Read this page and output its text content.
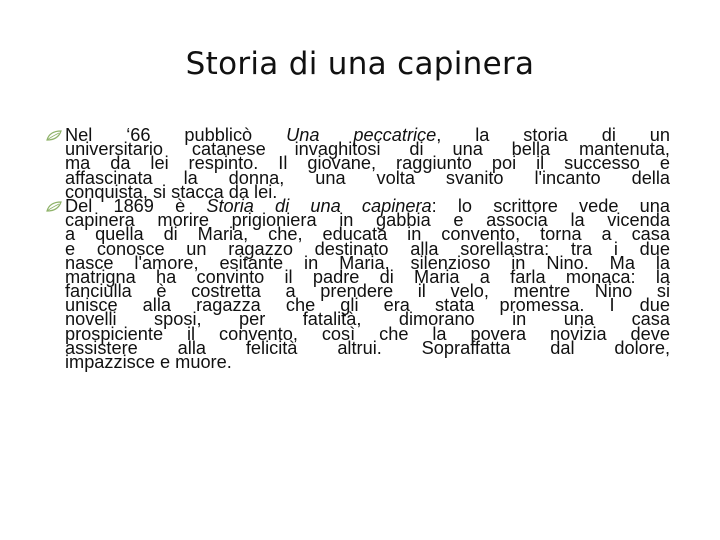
Storia di una capinera
Nel ‘66 pubblicò Una peccatrice, la storia di un
universitario catanese invaghitosi di una bella mantenuta,
ma da lei respinto. Il giovane, raggiunto poi il successo e
affascinata la donna, una volta svanito l'incanto della
conquista, si stacca da lei.
Del 1869 è Storia di una capinera: lo scrittore vede una
capinera morire prigioniera in gabbia e associa la vicenda
a quella di Maria, che, educata in convento, torna a casa
e conosce un ragazzo destinato alla sorellastra: tra i due
nasce l'amore, esitante in Maria, silenzioso in Nino. Ma la
matrigna ha convinto il padre di Maria a farla monaca: la
fanciulla è costretta a prendere il velo, mentre Nino si
unisce alla ragazza che gli era stata promessa. I due
novelli sposi, per fatalità, dimorano in una casa
prospiciente il convento, così che la povera novizia deve
assistere alla felicità altrui. Sopraffatta dal dolore,
impazzisce e muore.
